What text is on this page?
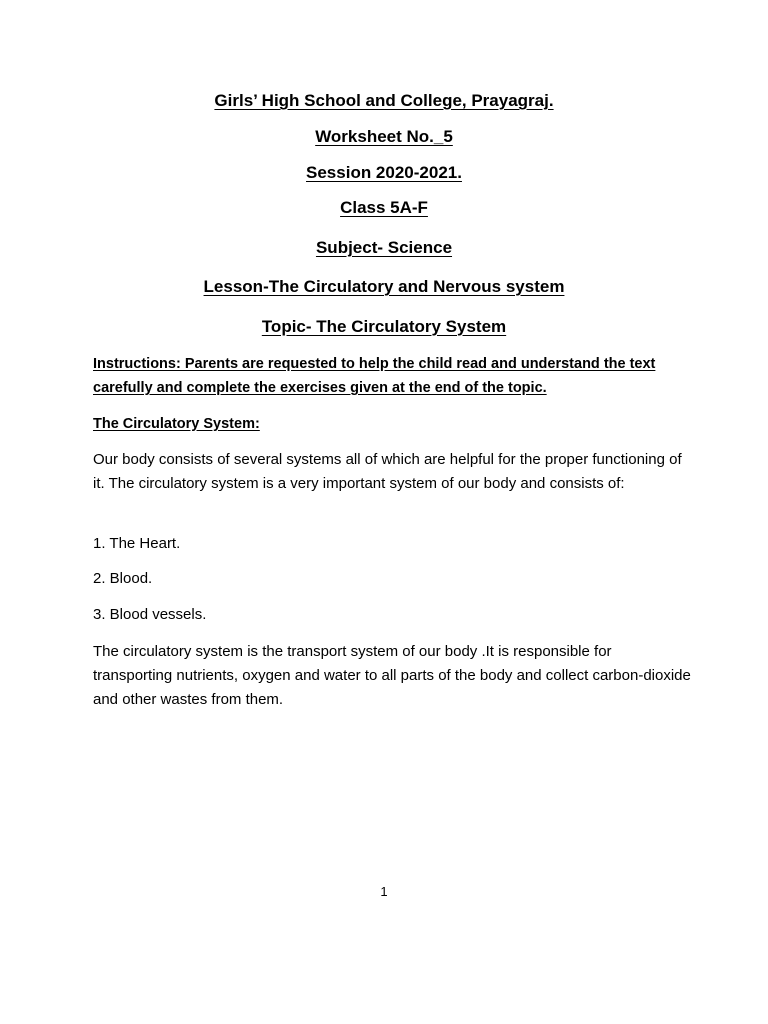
Girls’ High School and College, Prayagraj.
Worksheet No._5
Session 2020-2021.
Class 5A-F
Subject- Science
Lesson-The Circulatory and Nervous system
Topic- The Circulatory System

Instructions: Parents are requested to help the child read and understand the text carefully and complete the exercises given at the end of the topic.

The Circulatory System:

Our body consists of several systems all of which are helpful for the proper functioning of it. The circulatory system is a very important system of our body and consists of:

1. The Heart.

2. Blood.

3. Blood vessels.

The circulatory system is the transport system of our body .It is responsible for transporting nutrients, oxygen and water to all parts of the body and collect carbon-dioxide and other wastes from them.

1
